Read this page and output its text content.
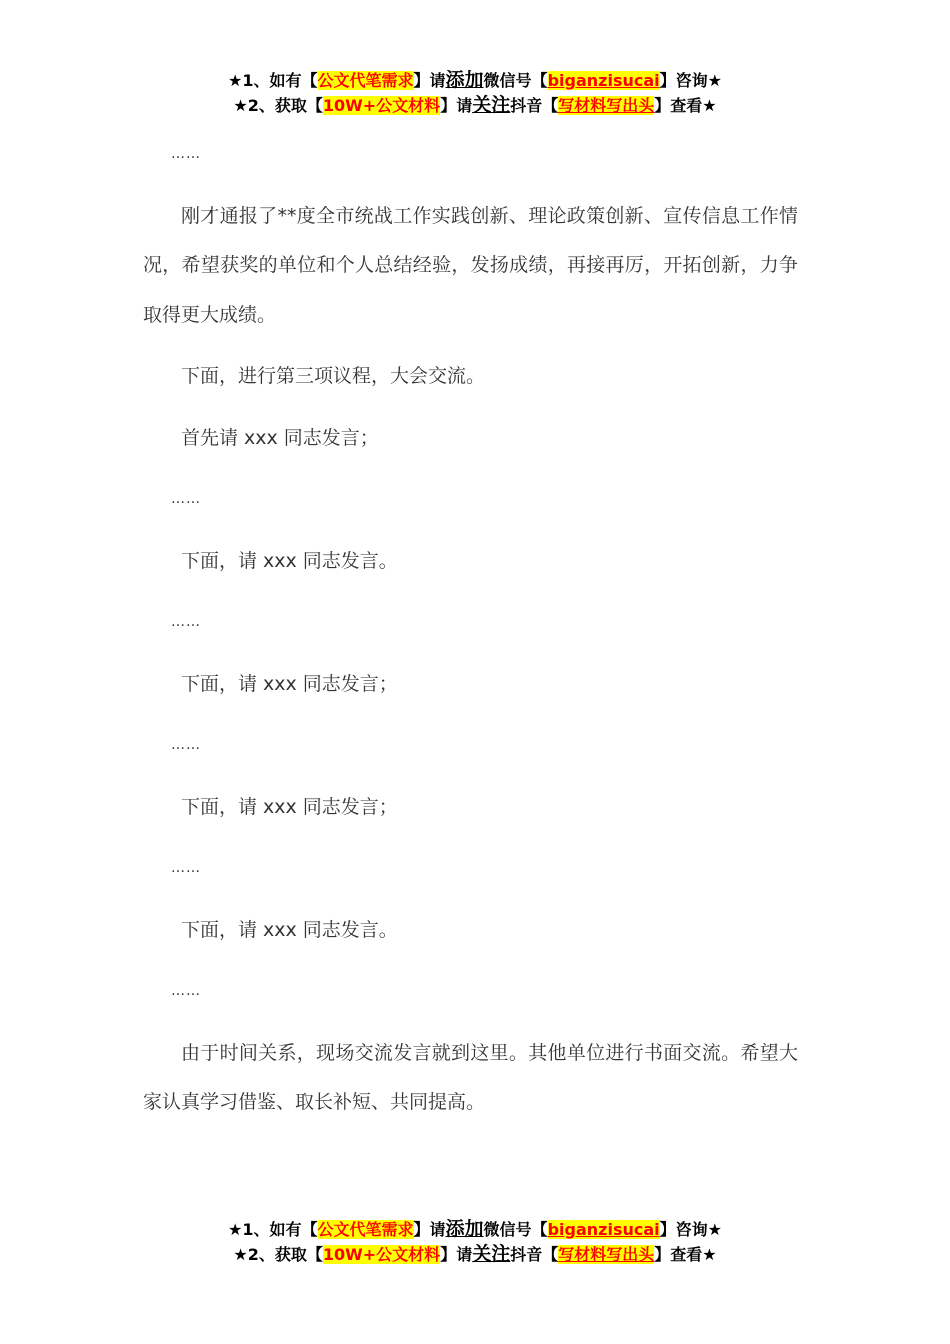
★1、如有【公文代笔需求】请添加微信号【biganzisucai】咨询★
★2、获取【10W+公文材料】请关注抖音【写材料写出头】查看★

……

刚才通报了**度全市统战工作实践创新、理论政策创新、宣传信息工作情况，希望获奖的单位和个人总结经验，发扬成绩，再接再厉，开拓创新，力争取得更大成绩。

下面，进行第三项议程，大会交流。

首先请 xxx 同志发言；

……

下面，请 xxx 同志发言。

……

下面，请 xxx 同志发言；

……

下面，请 xxx 同志发言；

……

下面，请 xxx 同志发言。

……

由于时间关系，现场交流发言就到这里。其他单位进行书面交流。希望大家认真学习借鉴、取长补短、共同提高。

★1、如有【公文代笔需求】请添加微信号【biganzisucai】咨询★
★2、获取【10W+公文材料】请关注抖音【写材料写出头】查看★
